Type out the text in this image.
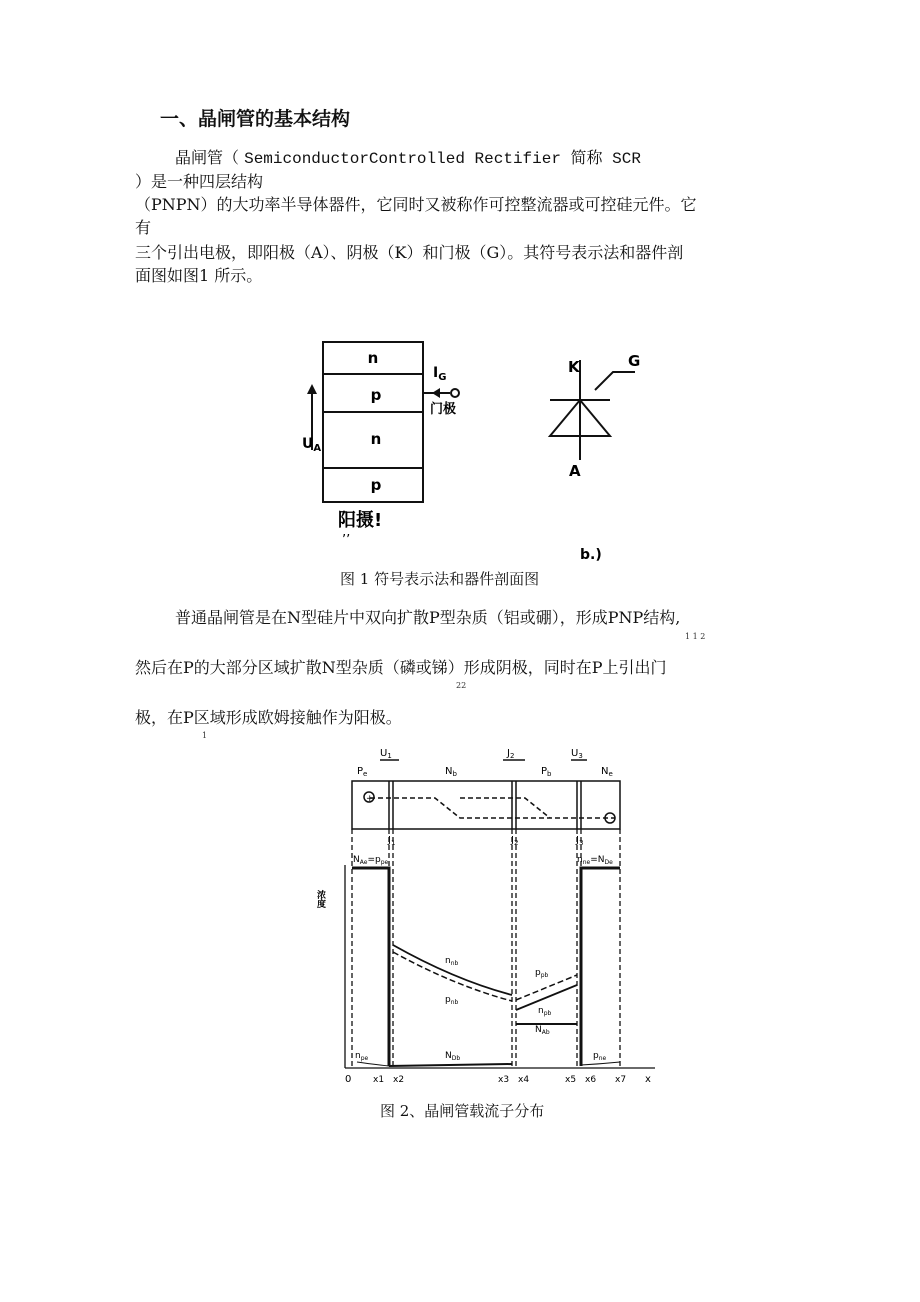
一、晶闸管的基本结构
晶闸管（ SemiconductorControlled Rectifier 简称 SCR
）是一种四层结构
（PNPN）的大功率半导体器件，它同时又被称作可控整流器或可控硅元件。它
有
三个引出电极，即阳极（A）、阴极（K）和门极（G）。其符号表示法和器件剖
面图如图1 所示。
n
p
n
p
$I_G$
门极
$U_A$
阳摄!
’’
K	G
A
b.)
图 1 符号表示法和器件剖面图
普通晶闸管是在N型硅片中双向扩散P型杂质（铝或硼），形成PNP结构,
1 1 2
然后在P的大部分区域扩散N型杂质（磷或锑）形成阴极，同时在P上引出门
22
极，在P区域形成欧姆接触作为阳极。
1
+
$U_1$	$J_2$	$U_3$
$P_e$	$N_b$	$P_b$	$N_e$
$J_1$	$J_2$	$J_3$
浓度
$N_{Ae}=p_{pe}$	$n_{ne}=N_{De}$
$n_{nb}$
$p_{nb}$
$p_{pb}$
$n_{pb}$
$N_{Ab}$
$n_{pe}$	$N_{Db}$	$p_{ne}$
0 x1 x2	x3 x4	x5 x6 x7 x
图 2、晶闸管载流子分布
